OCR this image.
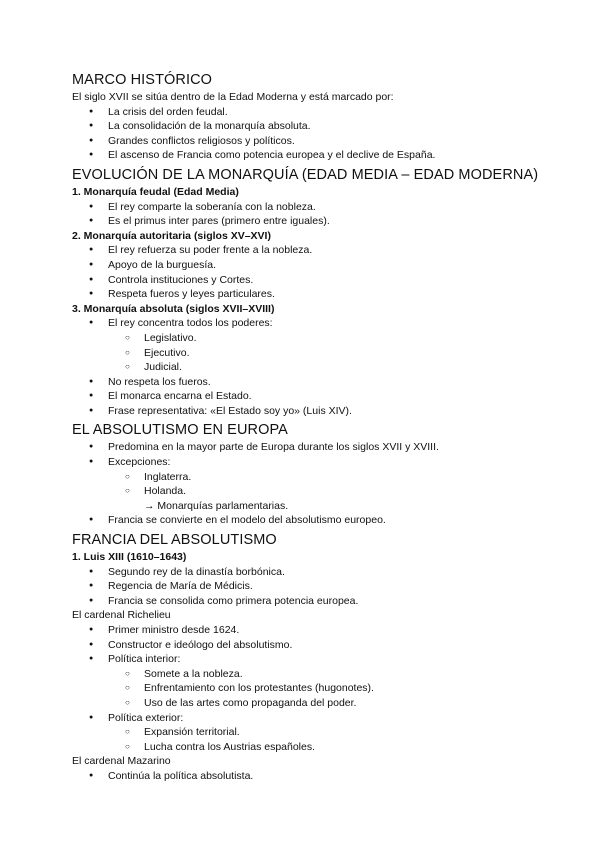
MARCO HISTÓRICO

El siglo XVII se sitúa dentro de la Edad Moderna y está marcado por:

● La crisis del orden feudal.
● La consolidación de la monarquía absoluta.
● Grandes conflictos religiosos y políticos.
● El ascenso de Francia como potencia europea y el declive de España.
EVOLUCIÓN DE LA MONARQUÍA (EDAD MEDIA – EDAD MODERNA)

1. Monarquía feudal (Edad Media)

● El rey comparte la soberanía con la nobleza.
● Es el primus inter pares (primero entre iguales).

2. Monarquía autoritaria (siglos XV–XVI)

● El rey refuerza su poder frente a la nobleza.
● Apoyo de la burguesía.
● Controla instituciones y Cortes.
● Respeta fueros y leyes particulares.

3. Monarquía absoluta (siglos XVII–XVIII)

● El rey concentra todos los poderes:
○ Legislativo.
○ Ejecutivo.
○ Judicial.
● No respeta los fueros.
● El monarca encarna el Estado.
● Frase representativa: «El Estado soy yo» (Luis XIV).
EL ABSOLUTISMO EN EUROPA
● Predomina en la mayor parte de Europa durante los siglos XVII y XVIII.
● Excepciones:
○ Inglaterra.
○ Holanda.
→ Monarquías parlamentarias.
● Francia se convierte en el modelo del absolutismo europeo.
FRANCIA DEL ABSOLUTISMO

1. Luis XIII (1610–1643)

● Segundo rey de la dinastía borbónica.
● Regencia de María de Médicis.
● Francia se consolida como primera potencia europea.

El cardenal Richelieu

● Primer ministro desde 1624.
● Constructor e ideólogo del absolutismo.
● Política interior:
○ Somete a la nobleza.
○ Enfrentamiento con los protestantes (hugonotes).
○ Uso de las artes como propaganda del poder.
● Política exterior:
○ Expansión territorial.
○ Lucha contra los Austrias españoles.

El cardenal Mazarino

● Continúa la política absolutista.
